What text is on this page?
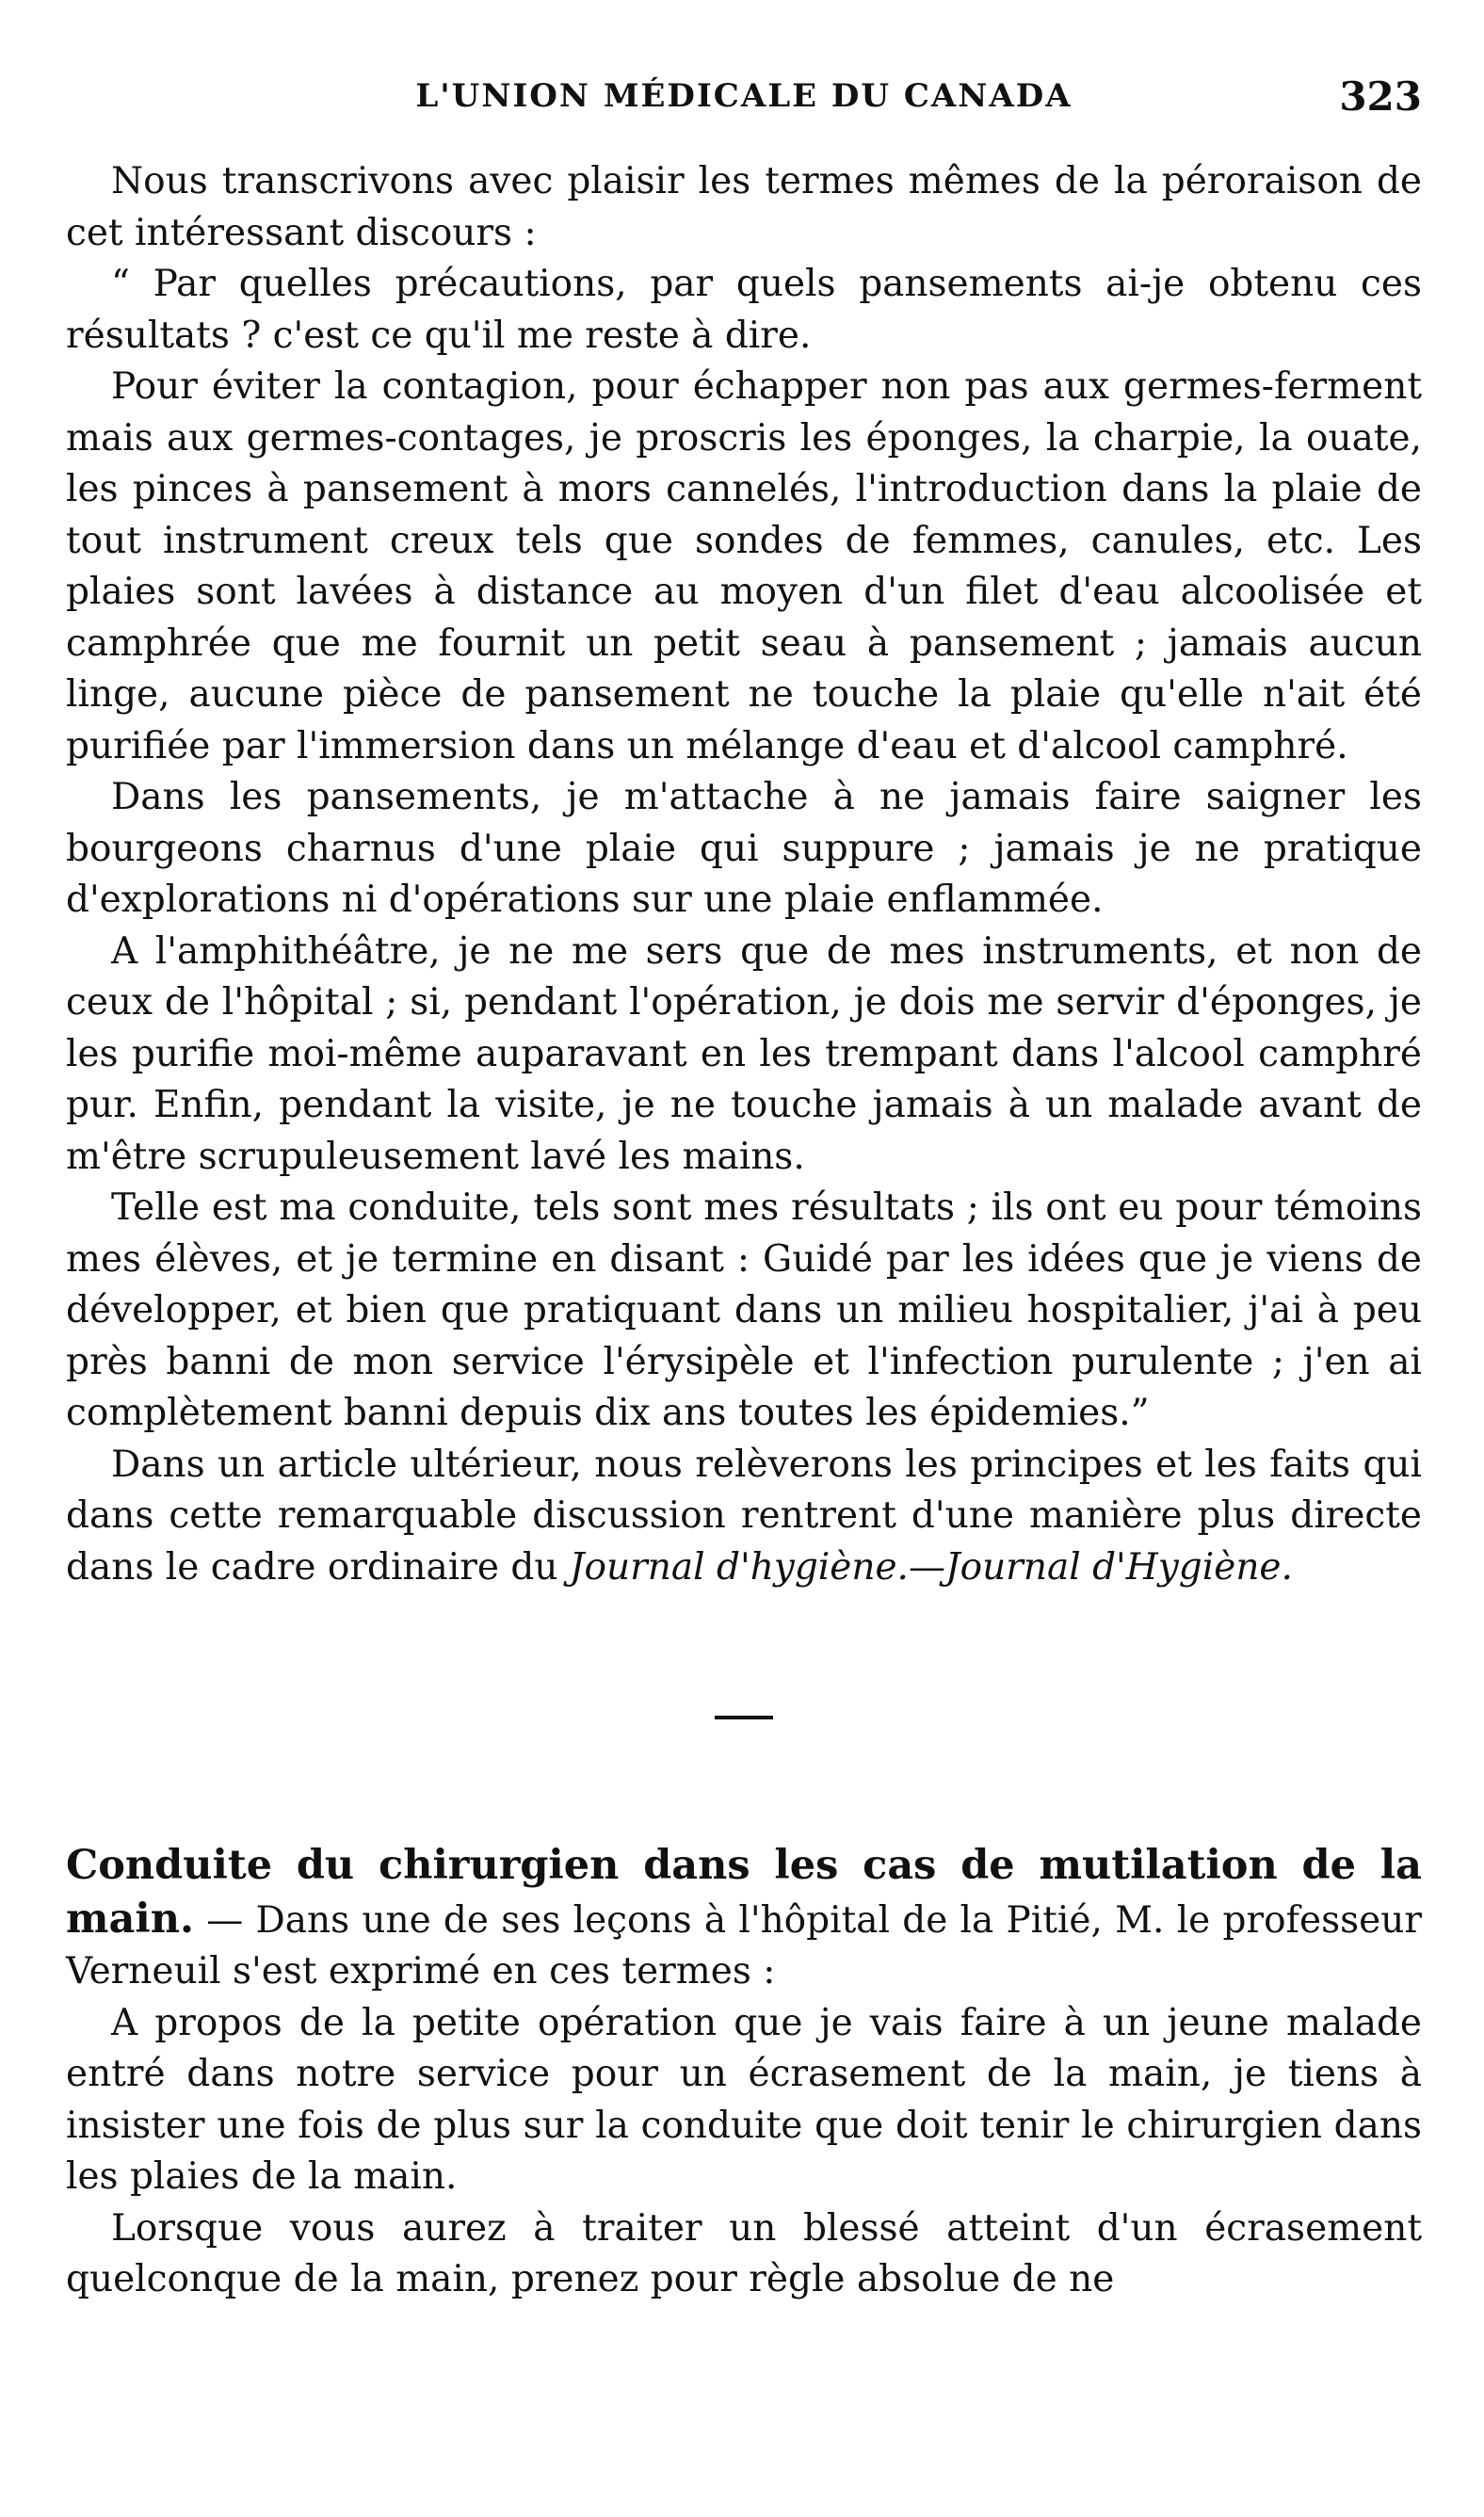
L'UNION MÉDICALE DU CANADA	323

Nous transcrivons avec plaisir les termes mêmes de la péroraison de cet intéressant discours :

“ Par quelles précautions, par quels pansements ai-je obtenu ces résultats ? c'est ce qu'il me reste à dire.

Pour éviter la contagion, pour échapper non pas aux germes-ferment mais aux germes-contages, je proscris les éponges, la charpie, la ouate, les pinces à pansement à mors cannelés, l'introduction dans la plaie de tout instrument creux tels que sondes de femmes, canules, etc. Les plaies sont lavées à distance au moyen d'un filet d'eau alcoolisée et camphrée que me fournit un petit seau à pansement ; jamais aucun linge, aucune pièce de pansement ne touche la plaie qu'elle n'ait été purifiée par l'immersion dans un mélange d'eau et d'alcool camphré.

Dans les pansements, je m'attache à ne jamais faire saigner les bourgeons charnus d'une plaie qui suppure ; jamais je ne pratique d'explorations ni d'opérations sur une plaie enflammée.

A l'amphithéâtre, je ne me sers que de mes instruments, et non de ceux de l'hôpital ; si, pendant l'opération, je dois me servir d'éponges, je les purifie moi-même auparavant en les trempant dans l'alcool camphré pur. Enfin, pendant la visite, je ne touche jamais à un malade avant de m'être scrupuleusement lavé les mains.

Telle est ma conduite, tels sont mes résultats ; ils ont eu pour témoins mes élèves, et je termine en disant : Guidé par les idées que je viens de développer, et bien que pratiquant dans un milieu hospitalier, j'ai à peu près banni de mon service l'érysipèle et l'infection purulente ; j'en ai complètement banni depuis dix ans toutes les épidemies.”

Dans un article ultérieur, nous relèverons les principes et les faits qui dans cette remarquable discussion rentrent d'une manière plus directe dans le cadre ordinaire du Journal d'hygiène.—Journal d'Hygiène.

Conduite du chirurgien dans les cas de mutilation de la main. — Dans une de ses leçons à l'hôpital de la Pitié, M. le professeur Verneuil s'est exprimé en ces termes :

A propos de la petite opération que je vais faire à un jeune malade entré dans notre service pour un écrasement de la main, je tiens à insister une fois de plus sur la conduite que doit tenir le chirurgien dans les plaies de la main.

Lorsque vous aurez à traiter un blessé atteint d'un écrasement quelconque de la main, prenez pour règle absolue de ne
